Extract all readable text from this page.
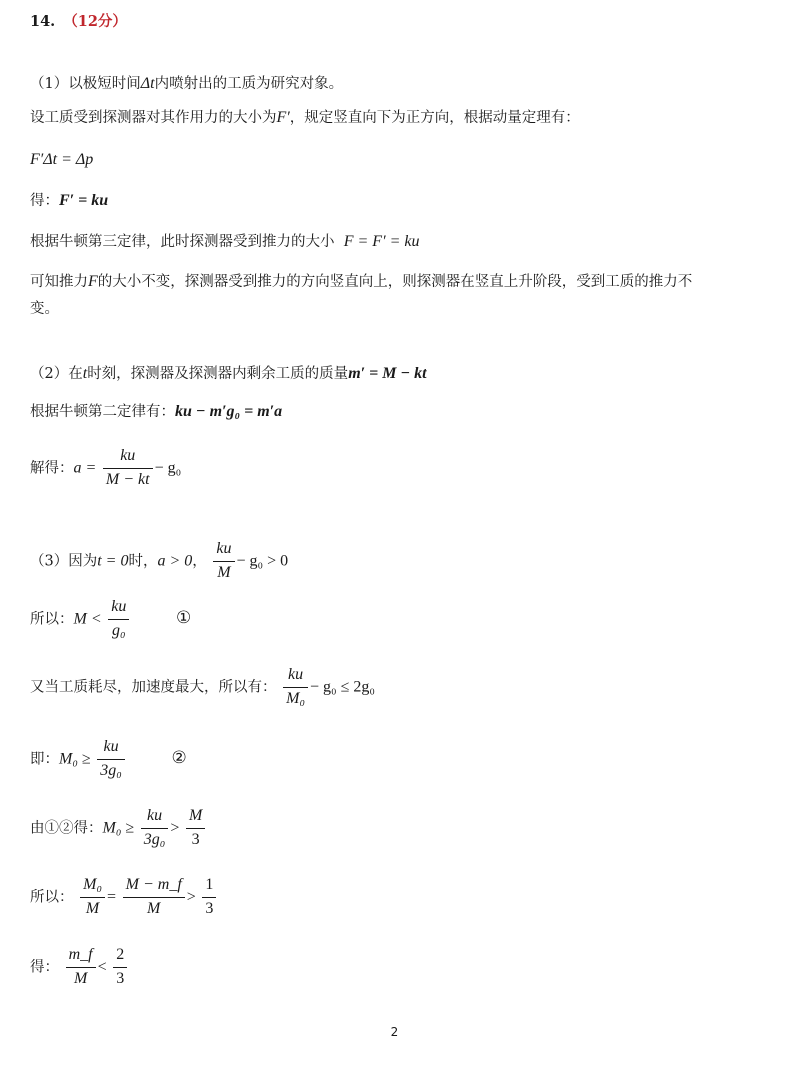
14. （12分）
（1）以极短时间Δt内喷射出的工质为研究对象。
设工质受到探测器对其作用力的大小为F′，规定竖直向下为正方向，根据动量定理有：
F′Δt = Δp
得：F′ = ku
根据牛顿第三定律，此时探测器受到推力的大小 F = F′ = ku
可知推力F的大小不变，探测器受到推力的方向竖直向上，则探测器在竖直上升阶段，受到工质的推力不
变。
（2）在t时刻，探测器及探测器内剩余工质的质量m′ = M − kt
根据牛顿第二定律有：ku − m′g₀ = m′a
解得：$a = \frac{ku}{M - kt} - g_0$
（3）因为t = 0时，a > 0， $\frac{ku}{M} - g_0 > 0$
所以：$M < \frac{ku}{\text{g₀}}$	①
又当工质耗尽，加速度最大，所以有： $\frac{ku}{\text{M₀}} - g_0 \le 2g_0$
即：$M_0 \ge \frac{ku}{\text{3g₀}}$	②
由①②得：$M_0 \ge \frac{ku}{\text{3g₀}} > \frac{M}{3}$
所以： $\frac{\text{M₀}}{M} = \frac{M - m\_f}{M} > \frac{1}{3}$
得： $\frac{m\_f}{M} < \frac{2}{3}$
2
